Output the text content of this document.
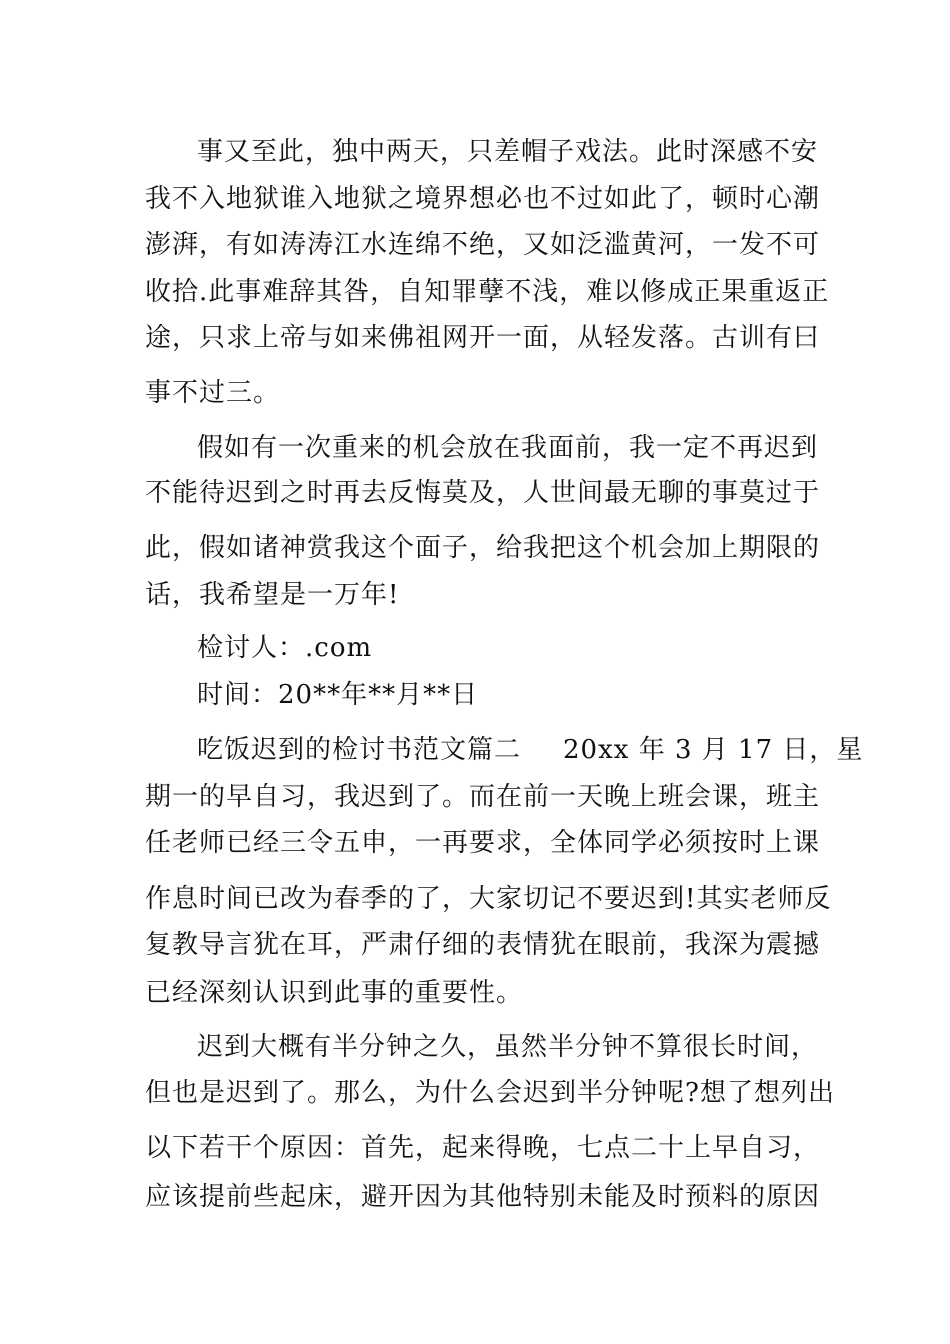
事又至此，独中两天，只差帽子戏法。此时深感不安
我不入地狱谁入地狱之境界想必也不过如此了，顿时心潮
澎湃，有如涛涛江水连绵不绝，又如泛滥黄河，一发不可
收拾.此事难辞其咎，自知罪孽不浅，难以修成正果重返正
途，只求上帝与如来佛祖网开一面，从轻发落。古训有曰
事不过三。
假如有一次重来的机会放在我面前，我一定不再迟到
不能待迟到之时再去反悔莫及，人世间最无聊的事莫过于
此，假如诸神赏我这个面子，给我把这个机会加上期限的
话，我希望是一万年!
检讨人：.com
时间：20**年**月**日
吃饭迟到的检讨书范文篇二 20xx 年 3 月 17 日，星
期一的早自习，我迟到了。而在前一天晚上班会课，班主
任老师已经三令五申，一再要求，全体同学必须按时上课
作息时间已改为春季的了，大家切记不要迟到!其实老师反
复教导言犹在耳，严肃仔细的表情犹在眼前，我深为震撼
已经深刻认识到此事的重要性。
迟到大概有半分钟之久，虽然半分钟不算很长时间，
但也是迟到了。那么，为什么会迟到半分钟呢?想了想列出
以下若干个原因：首先，起来得晚，七点二十上早自习，
应该提前些起床，避开因为其他特别未能及时预料的原因
